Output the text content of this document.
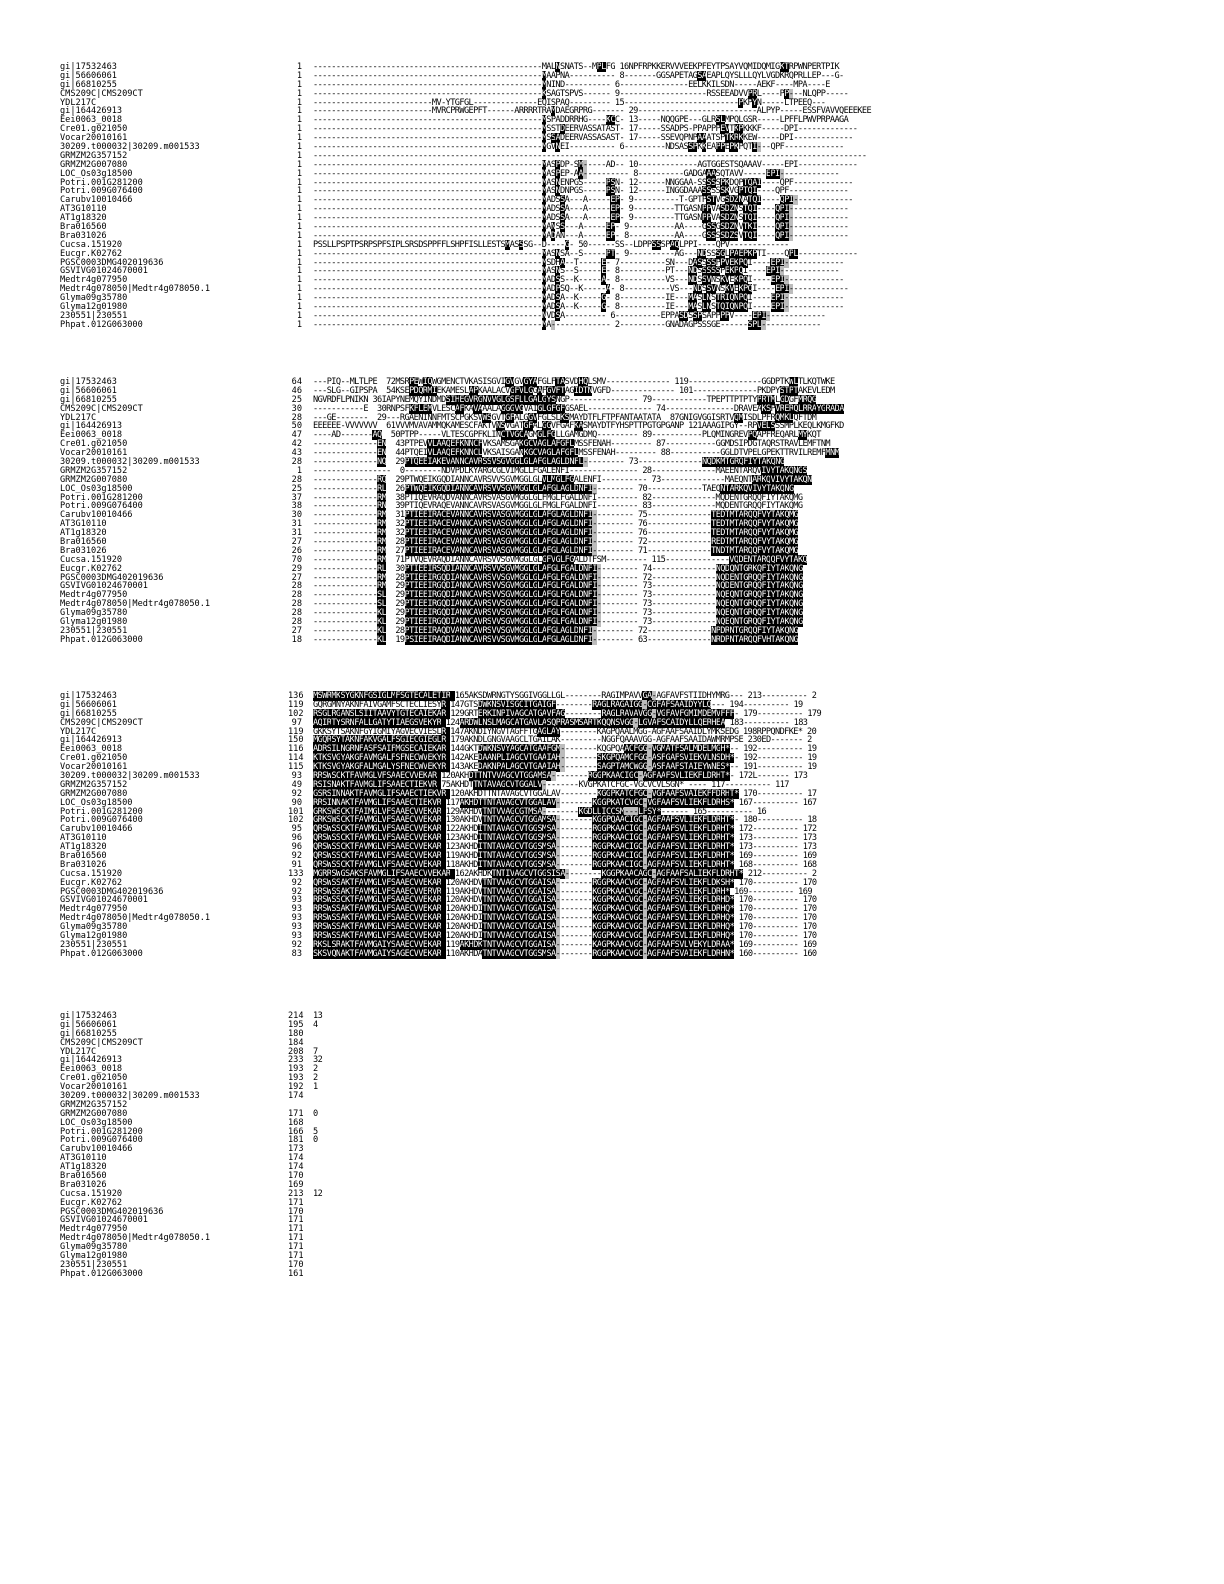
gi|17532463	1 --------------------------------------------------MALNSNATS--MPLFG 16NPFRPKKERVVVEEKPFEYTPSAYVQMIDQMIGKTRPWNPERTPIK
gi|56606061	1 --------------------------------------------------MAAPNA---------- 8-------GGSAPETAGSAEAPLQYSLLLQYLVGDKRQPRLLEP---G-
gi|66810255	1 --------------------------------------------------MNIND---------- 6---------------EELKKILSDN-----AEKF----MPA----E
CMS209C|CMS209CT	1 --------------------------------------------------KSAGTSPVS------ 9-------------------RSSEEADVVPRL----PP---NLQPP-----
YDL217C	1 --------------------------MV-YTGFGL--------------EQISPAQ--------- 15-------------------------PKPYN-----LTPEEQ---
gi|164426913	1 --------------------------MVRCPRWGEPFT------ARRRRTRAMDAEGRPRG------- 29--------------------------ALPYP-----ESSFVAVVQEEEKEE
Eei0063_0018	1 --------------------------------------------------MSPADDRRHG----KCC- 13-----NQQGPE---GLRSLMPQLGSR-----LPFFLPWVPRPAAGA
Cre01.g021050	1 --------------------------------------------------MSSTDEERVASSATAST- 17-----SSADPS-PPAPPPEVTKPKKKF-----DPI-------------
Vocar20010161	1 --------------------------------------------------MSSADEERVASSASAST- 17-----SSEVQPNPAAATSPTKRKKEW-----DPI-------------
30209.t000032|30209.m001533	1 --------------------------------------------------MGVNEI---------- 6---------NDSASSPKKEAPPEPKPQTI---QPF-------------
GRMZM2G357152	1 -------------------------------------------------------------------------------------------------------------------------
GRMZM2G007080	1 --------------------------------------------------MASPDP-SM-----AD-- 10-------------AGTGGESTSQAAAV-----EPI-------------
LOC_Os03g18500	1 --------------------------------------------------MASPEP-AA---------- 8----------GADGAAASQTAVV-----EPI-------------
Potri.001G281200	1 --------------------------------------------------MASNENPGS-----PSN- 12------NNGGAA-SSSSSPKDQPTQAI----QPF-------------
Potri.009G076400	1 --------------------------------------------------MASNDNPGS-----PSN- 12------INGGDAAASSSSSKVGPTQI----QPF-------------
Carubv10010466	1 --------------------------------------------------MADSSA---A-----EP- 9----------T-GPTPSTVGSDZNATQI----QPI-------------
AT3G10110	1 --------------------------------------------------MADSSA---A-----EP- 9---------TTGASNPPVASDZNSTQI----QPI-------------
AT1g18320	1 --------------------------------------------------MADSSA---A-----EP- 9---------TTGASNPPVASDZNSTQI----QPI-------------
Bra016560	1 --------------------------------------------------MANSS---A-----EP- 9----------AA----GSSGSDZNVTKI----QPI-------------
Bra031026	1 --------------------------------------------------MADAN---A-----EP- 8----------AA----GSSSSDZSVTQI----QPI-------------
Cucsa.151920	1 PSSLLPSPTPSRPSPFSIPLSRSDSPPFFLSHPFISLLESTSMASSSG--D----G- 50------SS--LDPPSSSPAQLPPI----QPV-------------
Eucgr.K02762	1 --------------------------------------------------MASNSA--S-----PT- 9----------AG---NDSSSGLPAEPKPTI----QPL-------------
PGSC0003DMG402019636	1 --------------------------------------------------MSDHA--T-----E- 7----------SN---DASSSSPPVEKPQI----EPI-------------
GSVIVG01024670001	1 --------------------------------------------------MASNS--S-----E- 8----------PT---NDSSSSSPEKPQI----EPI-------------
Medtr4g077950	1 --------------------------------------------------MADSS--K-----A- 8----------VS---NDSSVNSKVEKPQI----EPI-------------
Medtr4g078050|Medtr4g078050.1	1 --------------------------------------------------MADPSQ--K-----A- 8----------VS---NDSSVNSKVEKPQI----EPI-------------
Glyma09g35780	1 --------------------------------------------------MADSA--K-----G- 8----------IE---MASLNSTRIQNPQI----EPI-------------
Glyma12g01980	1 --------------------------------------------------MADSA--K-----G- 8----------IE---MASLNSTQIQNPQI----EPI-------------
230551|230551	1 --------------------------------------------------NVDSA--------- 6----------EPPASDSSPSAPPPPV----EPI-------------
Phpat.012G063000	1 --------------------------------------------------MA------------- 2----------GNADAGPSSSGE------SPL-------------
gi|17532463	64 ---PIQ--MLTLPE  72MSRPEWIQWGMENCTVKASISGVIGVGVGYAFGLFTASVDHQLSMV-------------- 119----------------GGDPTKWLTLKQTWKE
gi|56606061	46 ---SLG--GIPSPA  54KSEPDQRMIEKAMESLAPKAALACVGFVLGGAFGVFTAGIDTNVGFD-------------- 101--------------PKDPYSTPTAKEVLEDM
gi|66810255	25 NGVRDFLPNIKN 36IAPYNEMQYINDMDSIHEGVRGNVVGLGSFLLGALGYSNGP--------------- 79------------TPEPTTPTPTYPRTMLGDGFMRQG
CMS209C|CMS209CT	30 -----------E  30RNPSFKFLEMVLESCAFKAVAAALAGGGVGVAIGLGFGFGSAEL-------------- 74---------------DRAVEAKSPVRERQLRRAYGRADA
YDL217C	28 ---GE-------  29---RGAENINNFMTSCPGKSVWSGVTGFALGGVFGLSLKSMAYDTFLFTPFANTAATATA  87GNIGVGGISRTVQMISDLPFRQMKLQFTDM
gi|164426913	50 EEEEEE-VVVVVVV  61VVVMVAVAMMQKAMESCFAKTVNSVGATGFALGGVFGAFKASMAYDTFYHSPTTPGTGPGANP 121AAAGIPGY--RPVELSSSMPLKEQLKMGFKD
Eei0063_0018	47 ----AD-------AQ  50PTPP-----VLTESCGPFKLINCTVGCAGMGLFGLLGAMGDMQ--------- 89-----------PLQMINGREVPQAPFREQARLMYKQT
Cre01.g021050	42 --------------EN  43PTPEVVLAAQEFKNNCFVKSAMSGAKGCVAGLAFGFLMSSFENAH--------- 87-----------GGMDSIPDGTAQRSTRAVLEMFTNM
Vocar20010161	43 --------------EN  44PTQEIVLAAQEFKNNCLVKSAISGANKGCVAGLAFGFLMSSFENAH--------- 88-----------GGLDTVPELGPEKTTRVILREMFMNM
30209.t000032|30209.m001533	28 --------------NQ  29PTQEEIAKEVANNCAVRSSVSGVGGLGLAFGLAGLDNFL--------- 73--------------NQDKMTGRQFIYTAKQNG
GRMZM2G357152	1 -----------------  0--------NDVPDLKYARGCGLVIMGLLFGALENFI--------------- 28--------------MAEENTARQVIVYTAKQNGS
GRMZM2G007080	28 --------------RQ  29PTWQEIKGQDIANNCAVRSVVSGVMGGLGLVLMGLFGALENFI---------- 73--------------MAEQNTARKQVIVYTAKQN
LOC_Os03g18500	25 --------------RL  26PTWQEIKGQDIANNCAVRSVVSGVMGGLGLAFGLAGLDNFI--------- 70------------TAEQNTARKQVIVYTAKQNG
Potri.001G281200	37 --------------RM  38PTIQEVRAQDVANNCAVRSVASGVMGGLGLFMGLFGALDNFI--------- 82--------------MQDENTGRQQFIYTAKQMG
Potri.009G076400	38 --------------RN  39PTIQEVRAQEVANNCAVRSVASGVMGGLGLFMGLFGALDNFI--------- 83--------------MQDENTGRQQFIYTAKQMG
Carubv10010466	30 --------------RM  31PTIEEIRACEVANNCAVRSVASGVMGGLGLAFGLAGLDNFI--------- 75--------------TEDTMTARQQFVYTAKQMG
AT3G10110	31 --------------RM  32PTIEEIRACEVANNCAVRSVASGVMGGLGLAFGLAGLDNFI--------- 76--------------TEDTMTARQQFVYTAKQMG
AT1g18320	31 --------------RM  32PTIEEIRACEVANNCAVRSVASGVMGGLGLAFGLAGLDNFI--------- 76--------------TEDTMTARQQFVYTAKQMG
Bra016560	27 --------------RM  28PTIEEIRACEVANNCAVRSVASGVMGGLGLAFGLAGLDNFI--------- 72--------------REDTMTARQQFVYTAKQMG
Bra031026	26 --------------RM  27PTIEEIRACEVANNCAVRSVASGVMGGLGLAFGLAGLDNFI--------- 71--------------TNDTMTARQQFVYTAKQMG
Cucsa.151920	70 --------------RM  71PTVQEVRAQDIANNCAVRSVVSGVMGGLGLGFVGLFGALDTFSM--------- 115--------------VQDENTARQQFVYTAKQ
Eucgr.K02762	29 --------------RL  30PTIEEIRSQDIANNCAVRSVVSGVMGGLGLAFGLFGALDNFI--------- 74--------------NQDQNTGRKQFIYTAKQNG
PGSC0003DMG402019636	27 --------------RM  28PTIEEIRGQDIANNCAVRSVVSGVMGGLGLAFGLFGALDNFI--------- 72--------------NQDENTGRQQFIYTAKQNG
GSVIVG01024670001	28 --------------RM  29PTIEEIRGQDIANNCAVRSVVSGVMGGLGLAFGLFGALDNFI--------- 73--------------NQDENTGRQQFIYTAKQNG
Medtr4g077950	28 --------------SL  29PTIEEIRGQDIANNCAVRSVVSGVMGGLGLAFGLFGALDNFI--------- 73--------------NQEQNTGRQQFIYTAKQNG
Medtr4g078050|Medtr4g078050.1	28 --------------SL  29PTIEEIRGQDIANNCAVRSVVSGVMGGLGLAFGLFGALDNFI--------- 73--------------NQEQNTGRQQFIYTAKQNG
Glyma09g35780	28 --------------KL  29PTIEEIRGQDIANNCAVRSVVSGVMGGLGLAFGLFGALDNFI--------- 73--------------NQEQNTGRQQFIYTAKQNG
Glyma12g01980	28 --------------KL  29PTIEEIRGQDIANNCAVRSVVSGVMGGLGLAFGLFGALDNFI--------- 73--------------NQEQNTGRQQFIYTAKQNG
230551|230551	27 --------------KL  28PTIEEIRAQDVANNCAVRSVVSGVMGGLGLAFGLAGLDNFI--------- 72--------------NPDRNTGRQQFIYTAKQNG
Phpat.012G063000	18 --------------KL  19PSIEEIRAQDIANNCAVRSVVSGVMGGLGLAFGLAGLDNFI--------- 63--------------NRDPNTARQQFVHTAKQNG
gi|17532463	136 MSWRMKSYGKNFGSIGLMFSGTECALETIR 165AKSDWRNGTYSGGIVGGLLGL--------RAGIMPAVVGA-AGFAVFSTIIDHYMRG--- 213---------- 2
gi|56606061	119 GQRGMNYAKNFAIVGAMFSCTECLIESYR 147GTSDWKNSVISGCITGAIGF--------RAGLRAGAIGG-CGFAFSAAIDYYLQ--- 194---------- 19
gi|66810255	102 RSGLRGANSLSIITAAVYTGTECAIEKAR 129GRTERKINPIVAGCATGAVFAG--------RAGLRAVAVGG-VGFAVFGMIMDEMVFFF- 179---------- 179
CMS209C|CMS209CT	97 AQIRTYSRNFALLGATYTIAEGSVEKYR 124ARDWLNSLMAGCATGAVLASQPRASMSARTKQQNSVGG-LGVAFSCAIDYLLQERHEA 183---------- 183
YDL217C	119 GKKSYTSAKNFGYIGMIYAGVECVIESLR 147AKNDIYNGVTAGFFTGAGLAY--------KAGPQAALMGG-AGFAAFSAAIDLYMKSEDG 198RPPQNDFKE* 20
gi|164426913	150 MGQRSYTAKNFAKVGALFSGIECGIEGLR 179AKNDLGNGVAAGCLTGAILAK---------NGGFQAAAVGG-AGFAAFSAAIDAWMRMPSE 230ED------- 2
Eei0063_0018	116 ADRSILNGRNFASFSAIFMGSECAIEKAR 144GKTDWKNSVYAGCATGAAFGM--------KQGPQAACFGG-VGMATFSALMDELMGH*-- 192---------- 19
Cre01.g021050	114 KTKSVGYAKGFAVMGALFSFNECWVEKYR 142AKEDAANPLIAGCVTGAAIAH--------SKGPQAMCFGG-ASFGAFSVIEKVLNSDH*- 192---------- 19
Vocar20010161	115 KTKSVGYAKGFALMGALYSFNECWVEKYR 143AKEDAKNPALAGCVTGAAIAH--------SAGPTAMCWGG-ASFAAFSTAIEYWNES*-- 191---------- 19
30209.t000032|30209.m001533	93 RRSWSCKTFAVMGLVFSAAECVVEKAR 120AKHDTTNTVVAGCVTGGAMSA--------RGGPKAACIGC-AGFAAFSVLIEKFLDRHT*- 172L------- 173
GRMZM2G357152	49 RSISNAKTFAVMGLIFSAAECTIEKVR 75AKHDTTNTAVAGCVTGGALV--------KVGPKATCFGC-VGCVCVLSGN* ---- 117---------- 117
GRMZM2G007080	92 GSRSINNAKTFAVMGLIFSAAECTIEKVR 120AKHDTTNTAVAGCVTGGALAV--------KGGPKATCFGC-VGFAAFSVAIEKFFDRHT* 170---------- 17
LOC_Os03g18500	90 RRSINNAKTFAVMGLIFSAAECTIEKVR 117AKHDTTNTAVAGCVTGGALAV--------KGGPKATCVGC-VGFAAFSVLIEKFLDRHS* 167---------- 167
Potri.001G281200	101 GRKSWSCKTFAIMGLVFSAAECVVEKAR 129AKHDVTNTVVAGCGTMSA--------KGDLLICCSM---LFSY*------ 165---------- 16
Potri.009G076400	102 GRKSWSCKTFAVMGLVFSAAECVVEKAR 130AKHDVTNTVVAGCVTGGAMSA--------KGGPQAACIGC-AGFAAFSVLIEKFLDRHT*- 180---------- 18
Carubv10010466	95 QRSWSSCKTFAVMGLVFSAAECVVEKAR 122AKHDITNTAVAGCVTGGSMSA--------RGGPKAACIGC-AGFAAFSVLIEKFLDRHT* 172---------- 172
AT3G10110	96 QRSWSSCKTFAVMGLVFSAAECVVEKAR 123AKHDITNTAVAGCVTGGSMSA--------RGGPKAACIGC-AGFAAFSVLIEKFLDRHT* 173---------- 173
AT1g18320	96 QRSWSSCKTFAVMGLVFSAAECVVEKAR 123AKHDITNTAVAGCVTGGSMSA--------RGGPKAACIGC-AGFAAFSVLIEKFLDRHT* 173---------- 173
Bra016560	92 QRSWSSCKTFAVMGLVFSAAECVVEKAR 119AKHDITNTAVAGCVTGGSMSA--------RGGPKAACIGC-AGFAAFSVLIEKFLDRHT* 169---------- 169
Bra031026	91 QRSWSSCKTFAVMGLVFSAAECVVEKAR 118AKHDITNTAVAGCVTGGSMSA--------RGGPKAACIGC-AGFAAFSVLIEKFLDRHT* 168---------- 168
Cucsa.151920	133 MGRRSWGSAKSFAVMGLIFSAAECVVEKAR 162AKHDKTNTIVAGCVTGGSISA--------KGGPKAACAGC-AGFAAFSALIEKFLDRHT* 212---------- 2
Eucgr.K02762	92 QRSWSSAKTFAVMGLVFSAAECVVEKAR 120AKHDVTNTVVAGCVTGGAISA--------RGGPKAACVGC-AGFAAFSVLIEKFLDKSH* 170---------- 170
PGSC0003DMG402019636	92 RRSWSSAKTFAVMGLVFSAAECVVERVR 119AKHDVTNTVVAGCVTGGAISA--------KGGPKAACVGC-AGFAAFSVLIEKFLDRH* 169---------- 169
GSVIVG01024670001	93 RRSWSSCKTFAVMGLVFSAAECVVEKAR 120AKHDVTNTVVAGCVTGGAISA--------KGGPKAACVGC-AGFAAFSVLIEKFLDRHD* 170---------- 170
Medtr4g077950	93 RRSWSSAKTFAVMGLVFSAAECVVEKAR 120AKHDITNTVVAGCVTGGAISA--------KGGPKAACVGC-AGFAAFSVLIEKFLDRHQ* 170---------- 170
Medtr4g078050|Medtr4g078050.1	93 RRSWSSAKTFAVMGLVFSAAECVVEKAR 120AKHDITNTVVAGCVTGGAISA--------KGGPKAACVGC-AGFAAFSVLIEKFLDRHQ* 170---------- 170
Glyma09g35780	93 RRSWSSAKTFAVMGLVFSAAECVVEKAR 120AKHDITNTVVAGCVTGGAISA--------KGGPKAACVGC-AGFAAFSVLIEKFLDRHQ* 170---------- 170
Glyma12g01980	93 RRSWSSAKTFAVMGLVFSAAECVVEKAR 120AKHDITNTVVAGCVTGGAISA--------KGGPKAACVGC-AGFAAFSVLIEKFLDRHQ* 170---------- 170
230551|230551	92 RKSLSRAKTFAVMGAIYSAAECVVEKAR 119AKHDKTNTVVAGCVTGGAISA--------KAGPKAACVGC-AGFAAFSVLVEKYLDRAA* 169---------- 169
Phpat.012G063000	83 SKSVQNAKTFAVMGAIYSAGECVVEKAR 110AKHDATNTVVAGCVTGGSMSA--------RGGPKAACVGC-AGFAAFSVAIEKFLDRHN* 160---------- 160
gi|17532463	214 13
gi|56606061	195 4
gi|66810255	180
CMS209C|CMS209CT	184
YDL217C	208 7
gi|164426913	233 32
Eei0063_0018	193 2
Cre01.g021050	193 2
Vocar20010161	192 1
30209.t000032|30209.m001533	174
GRMZM2G357152
GRMZM2G007080	171 0
LOC_Os03g18500	168
Potri.001G281200	166 5
Potri.009G076400	181 0
Carubv10010466	173
AT3G10110	174
AT1g18320	174
Bra016560	170
Bra031026	169
Cucsa.151920	213 12
Eucgr.K02762	171
PGSC0003DMG402019636	170
GSVIVG01024670001	171
Medtr4g077950	171
Medtr4g078050|Medtr4g078050.1	171
Glyma09g35780	171
Glyma12g01980	171
230551|230551	170
Phpat.012G063000	161
